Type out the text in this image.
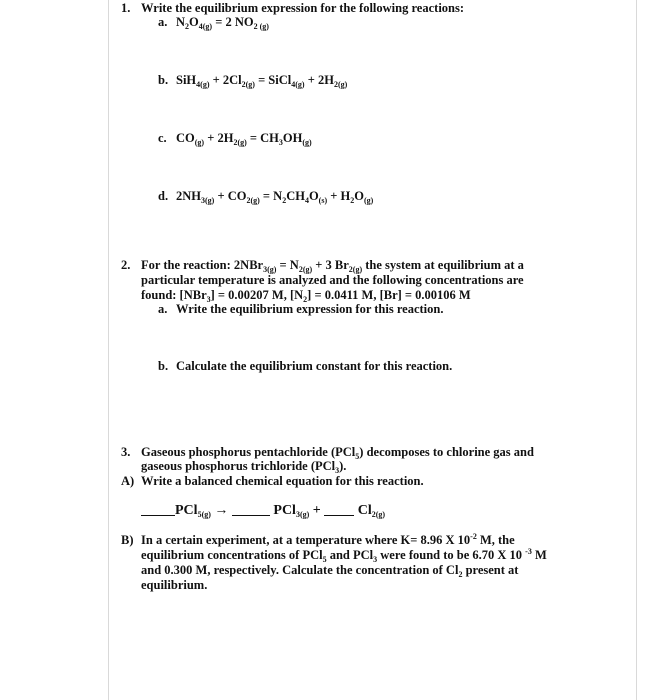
1. Write the equilibrium expression for the following reactions:
a. $N_2O_{4(g)} = 2$ $NO_{2 (g)}$
b. $SiH_{4(g)} + 2Cl_{2(g)}$ = SiCl$_{4(g)}$ + $2H_{2(g)}$
c. $CO_{(g)} + 2H_{2(g)} = CH_3OH_{(g)}$
d. $2NH_{3(g)} + CO_{2(g)} = N_2CH_4O_{(s)} + H_2O_{(g)}$
2. For the reaction: $2NBr_{3(g)} = N_{2(g)} + 3$ $Br_{2(g)}$ the system at equilibrium at a
particular temperature is analyzed and the following concentrations are
found: [NBr$_3$] = 0.00207 M, $[N_2] = 0.0411$ M, [Br] = 0.00106 M
a. Write the equilibrium expression for this reaction.
b. Calculate the equilibrium constant for this reaction.
3. Gaseous phosphorus pentachloride (PCl$_5$) decomposes to chlorine gas and
gaseous phosphorus trichloride (PCl$_3$).
A) Write a balanced chemical equation for this reaction.
PCl$_{5(g)}$ →	$PCl_{3(g)} + Cl_{2(g)}$
B) In a certain experiment, at a temperature where K= 8.96 X $10^{-2}$ M, the
equilibrium concentrations of PCl$_5$ and PCl$_3$ were found to be 6.70 X 10 $^{-3}$ M
and 0.300 M, respectively. Calculate the concentration of $Cl_2$ present at
equilibrium.
